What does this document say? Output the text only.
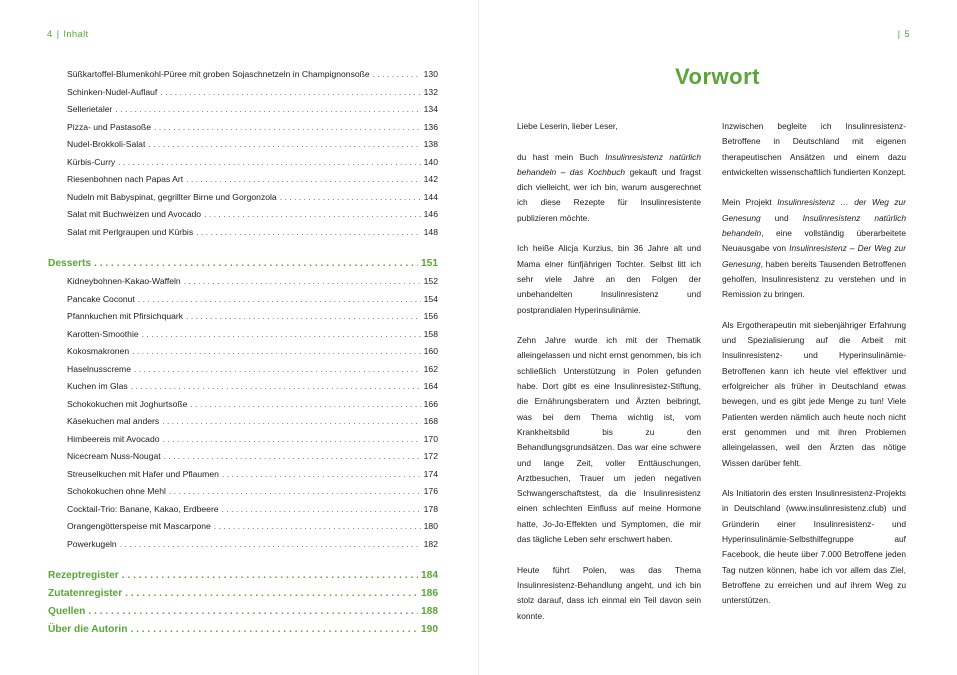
4 | Inhalt	| 5
Süßkartoffel-Blumenkohl-Püree mit groben Sojaschnetzeln in Champignonsoße . . .	130
Schinken-Nudel-Auflauf . . .	132
Sellerietaler . . .	134
Pizza- und Pastasoße . . .	136
Nudel-Brokkoli-Salat . . .	138
Kürbis-Curry . . .	140
Riesenbohnen nach Papas Art . . .	142
Nudeln mit Babyspinat, gegrillter Birne und Gorgonzola . . .	144
Salat mit Buchweizen und Avocado . . .	146
Salat mit Perlgraupen und Kürbis . . .	148
Desserts . . .	151
Kidneybohnen-Kakao-Waffeln . . .	152
Pancake Coconut . . .	154
Pfannkuchen mit Pfirsichquark . . .	156
Karotten-Smoothie . . .	158
Kokosmakronen . . .	160
Haselnusscreme . . .	162
Kuchen im Glas . . .	164
Schokokuchen mit Joghurtsoße . . .	166
Käsekuchen mal anders . . .	168
Himbeereis mit Avocado . . .	170
Nicecream Nuss-Nougat . . .	172
Streuselkuchen mit Hafer und Pflaumen . . .	174
Schokokuchen ohne Mehl . . .	176
Cocktail-Trio: Banane, Kakao, Erdbeere . . .	178
Orangengötterspeise mit Mascarpone . . .	180
Powerkugeln . . .	182
Rezeptregister . . .	184
Zutatenregister . . .	186
Quellen . . .	188
Über die Autorin . . .	190
Vorwort

Liebe Leserin, lieber Leser,

du hast mein Buch Insulinresistenz natürlich behandeln – das Kochbuch gekauft und fragst dich vielleicht, wer ich bin, warum ausgerechnet ich diese Rezepte für Insulinresistente publizieren möchte.

Ich heiße Alicja Kurzius, bin 36 Jahre alt und Mama einer fünfjährigen Tochter. Selbst litt ich sehr viele Jahre an den Folgen der unbehandelten Insulinresistenz und postprandialen Hyperinsulinämie.

Zehn Jahre wurde ich mit der Thematik alleingelassen und nicht ernst genommen, bis ich schließlich Unterstützung in Polen gefunden habe. Dort gibt es eine Insulinresistez-Stiftung, die Ernährungsberatern und Ärzten beibringt, was bei dem Thema wichtig ist, vom Krankheitsbild bis zu den Behandlungsgrundsätzen. Das war eine schwere und lange Zeit, voller Enttäuschungen, Arztbesuchen, Trauer um jeden negativen Schwangerschaftstest, da die Insulinresistenz einen schlechten Einfluss auf meine Hormone hatte, Jo-Jo-Effekten und Symptomen, die mir das tägliche Leben sehr erschwert haben.

Heute führt Polen, was das Thema Insulinresistenz-Behandlung angeht, und ich bin stolz darauf, dass ich einmal ein Teil davon sein konnte.

Inzwischen begleite ich Insulinresistenz-Betroffene in Deutschland mit eigenen therapeutischen Ansätzen und einem dazu entwickelten wissenschaftlich fundierten Konzept.

Mein Projekt Insulinresistenz … der Weg zur Genesung und Insulinresistenz natürlich behandeln, eine vollständig überarbeitete Neuausgabe von Insulinresistenz – Der Weg zur Genesung, haben bereits Tausenden Betroffenen geholfen, Insulinresistenz zu verstehen und in Remission zu bringen.

Als Ergotherapeutin mit siebenjähriger Erfahrung und Spezialisierung auf die Arbeit mit Insulinresistenz- und Hyperinsulinämie-Betroffenen kann ich heute viel effektiver und erfolgreicher als früher in Deutschland etwas bewegen, und es gibt jede Menge zu tun! Viele Patienten werden nämlich auch heute noch nicht erst genommen und mit ihren Problemen alleingelassen, weil den Ärzten das nötige Wissen darüber fehlt.

Als Initiatorin des ersten Insulinresistenz-Projekts in Deutschland (www.insulinresistenz.club) und Gründerin einer Insulinresistenz- und Hyperinsulinämie-Selbsthilfegruppe auf Facebook, die heute über 7.000 Betroffene jeden Tag nutzen können, habe ich vor allem das Ziel, Betroffene zu erreichen und auf ihrem Weg zu unterstützen.
